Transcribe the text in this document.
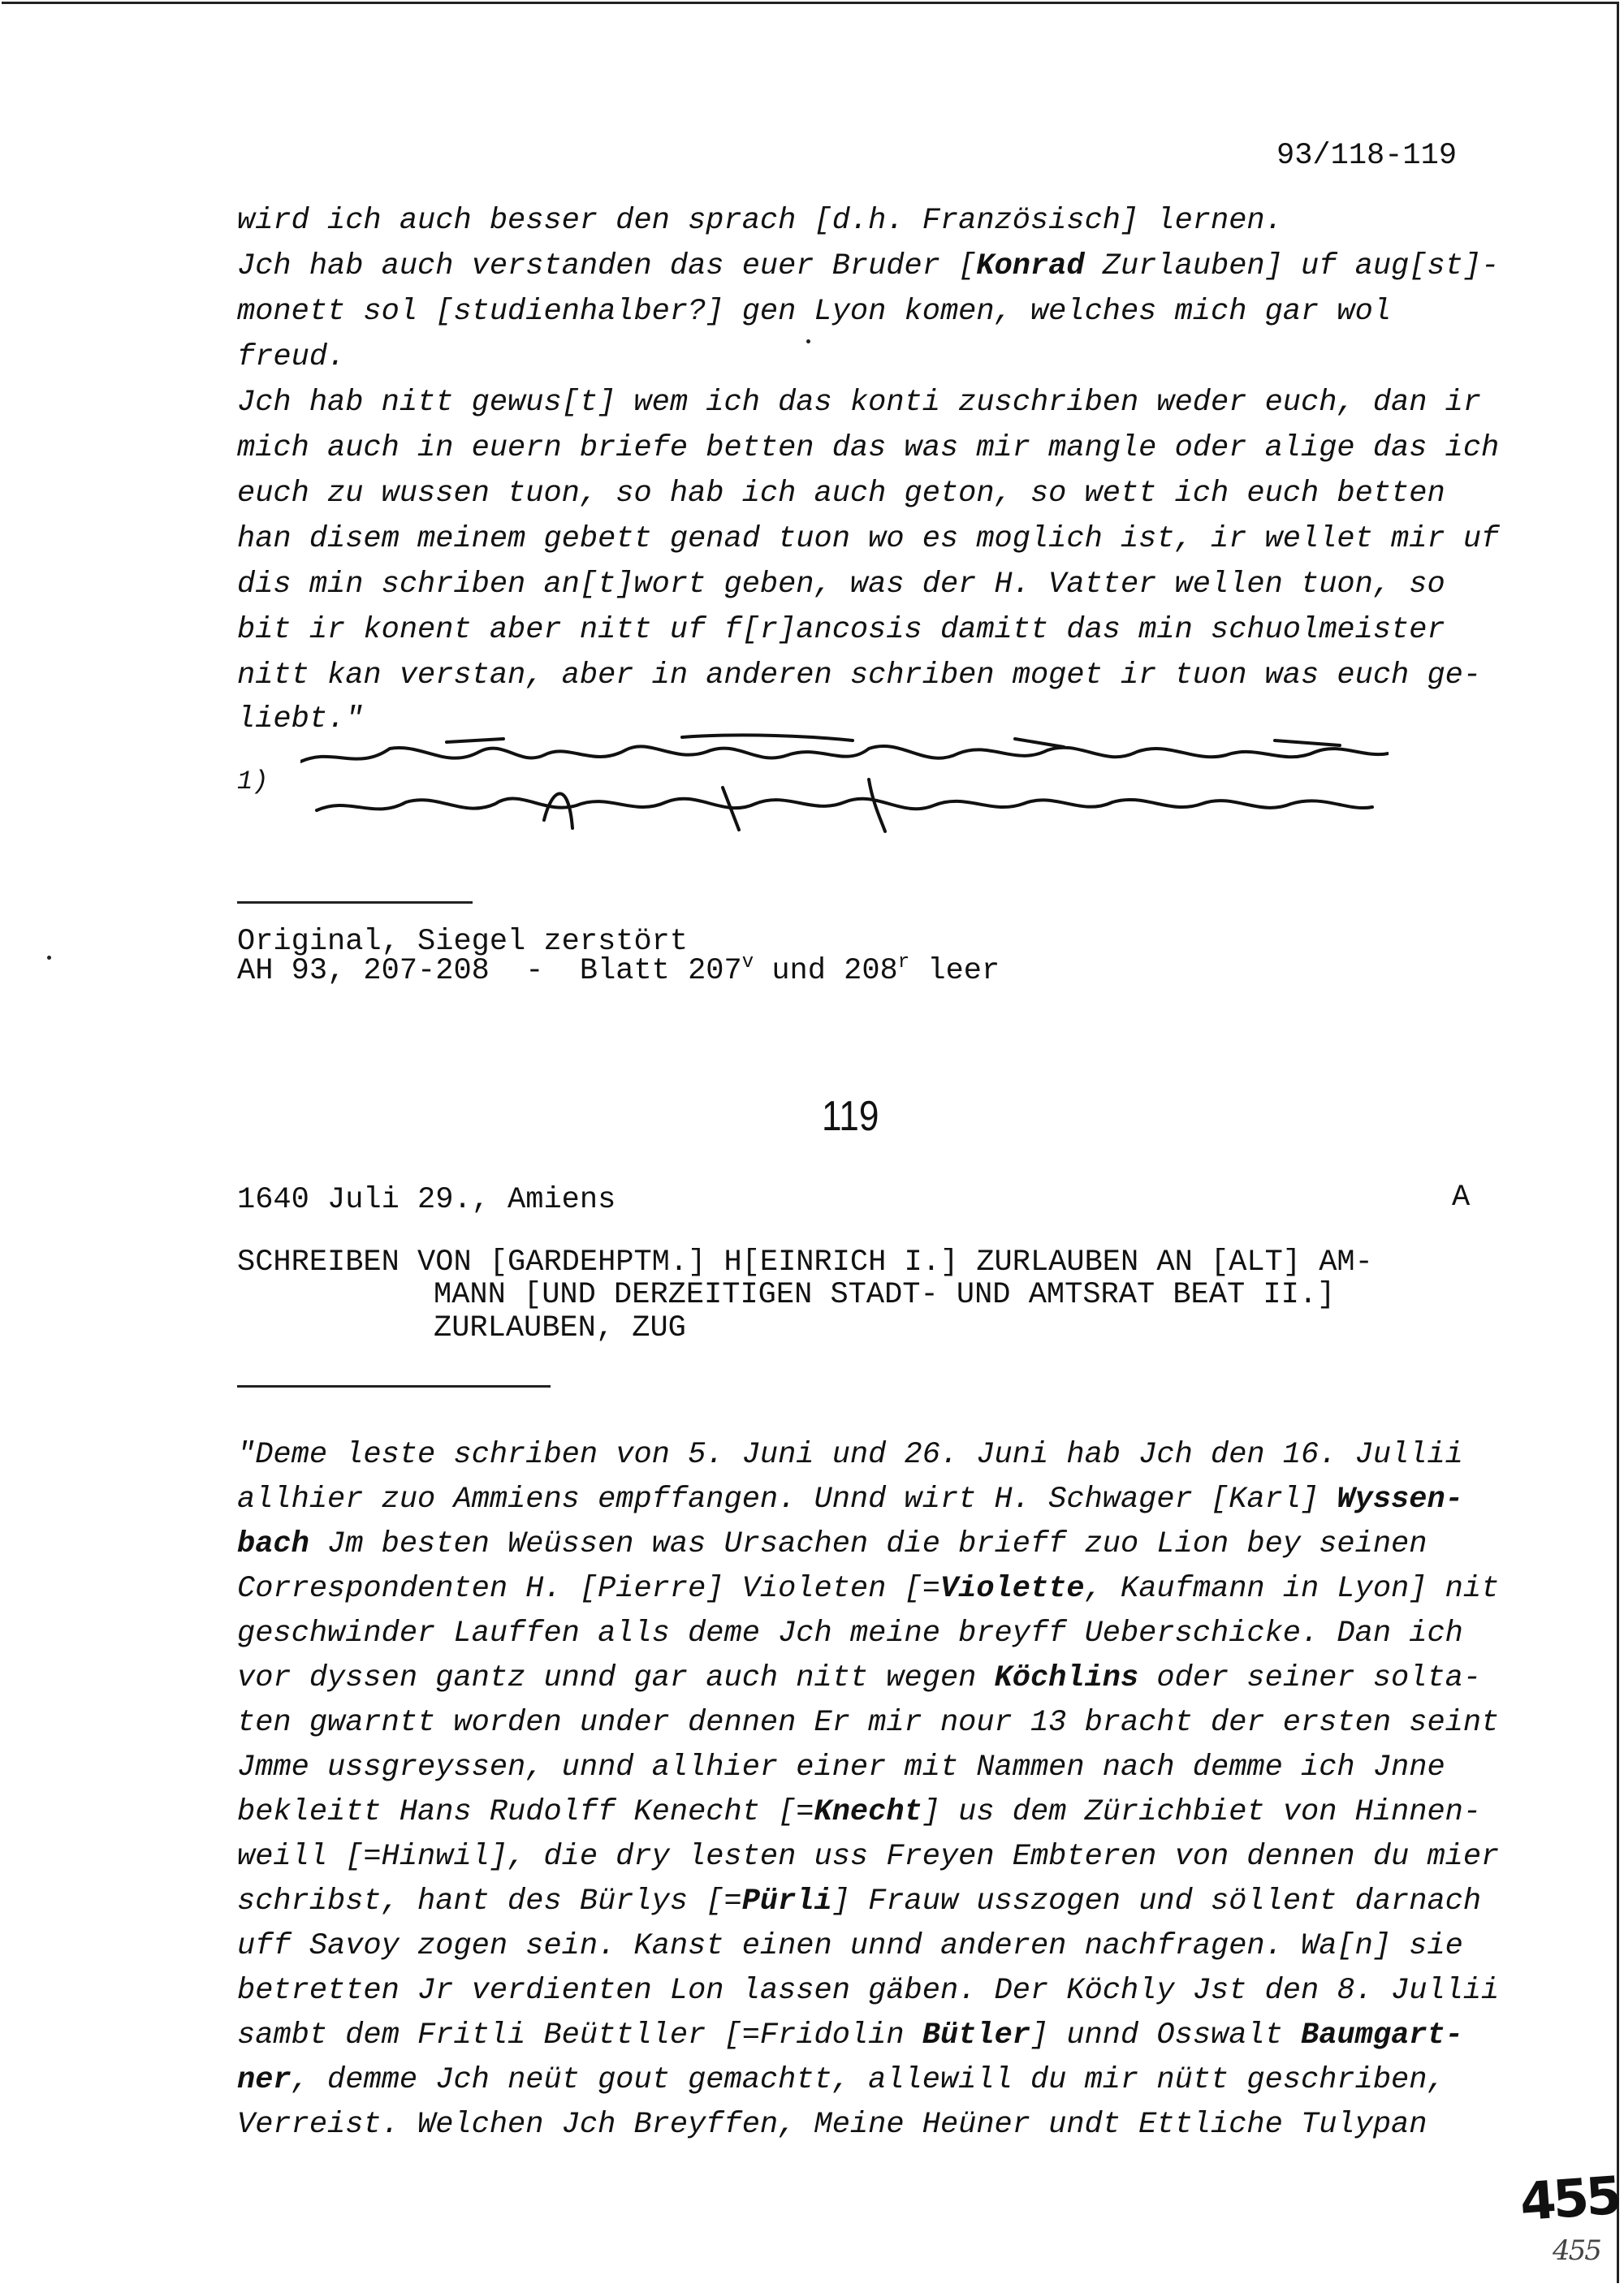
93/118-119
wird ich auch besser den sprach [d.h. Französisch] lernen.
Jch hab auch verstanden das euer Bruder [Konrad Zurlauben] uf aug[st]-
monett sol [studienhalber?] gen Lyon komen, welches mich gar wol
freud.
Jch hab nitt gewus[t] wem ich das konti zuschriben weder euch, dan ir
mich auch in euern briefe betten das was mir mangle oder alige das ich
euch zu wussen tuon, so hab ich auch geton, so wett ich euch betten
han disem meinem gebett genad tuon wo es moglich ist, ir wellet mir uf
dis min schriben an[t]wort geben, was der H. Vatter wellen tuon, so
bit ir konent aber nitt uf f[r]ancosis damitt das min schuolmeister
nitt kan verstan, aber in anderen schriben moget ir tuon was euch ge-
liebt."
1)
Original, Siegel zerstört
AH 93, 207-208  -  Blatt 207$^v$ und 208$^r$ leer
119
1640 Juli 29., Amiens	A
SCHREIBEN VON [GARDEHPTM.] H[EINRICH I.] ZURLAUBEN AN [ALT] AM-
MANN [UND DERZEITIGEN STADT- UND AMTSRAT BEAT II.]
ZURLAUBEN, ZUG
"Deme leste schriben von 5. Juni und 26. Juni hab Jch den 16. Jullii
allhier zuo Ammiens empffangen. Unnd wirt H. Schwager [Karl] Wyssen-
bach Jm besten Weüssen was Ursachen die brieff zuo Lion bey seinen
Correspondenten H. [Pierre] Violeten [=Violette, Kaufmann in Lyon] nit
geschwinder Lauffen alls deme Jch meine breyff Ueberschicke. Dan ich
vor dyssen gantz unnd gar auch nitt wegen Köchlins oder seiner solta-
ten gwarntt worden under dennen Er mir nour 13 bracht der ersten seint
Jmme ussgreyssen, unnd allhier einer mit Nammen nach demme ich Jnne
bekleitt Hans Rudolff Kenecht [=Knecht] us dem Zürichbiet von Hinnen-
weill [=Hinwil], die dry lesten uss Freyen Embteren von dennen du mier
schribst, hant des Bürlys [=Pürli] Frauw usszogen und söllent darnach
uff Savoy zogen sein. Kanst einen unnd anderen nachfragen. Wa[n] sie
betretten Jr verdienten Lon lassen gäben. Der Köchly Jst den 8. Jullii
sambt dem Fritli Beüttller [=Fridolin Bütler] unnd Osswalt Baumgart-
ner, demme Jch neüt gout gemachtt, allewill du mir nütt geschriben,
Verreist. Welchen Jch Breyffen, Meine Heüner undt Ettliche Tulypan
455
455
